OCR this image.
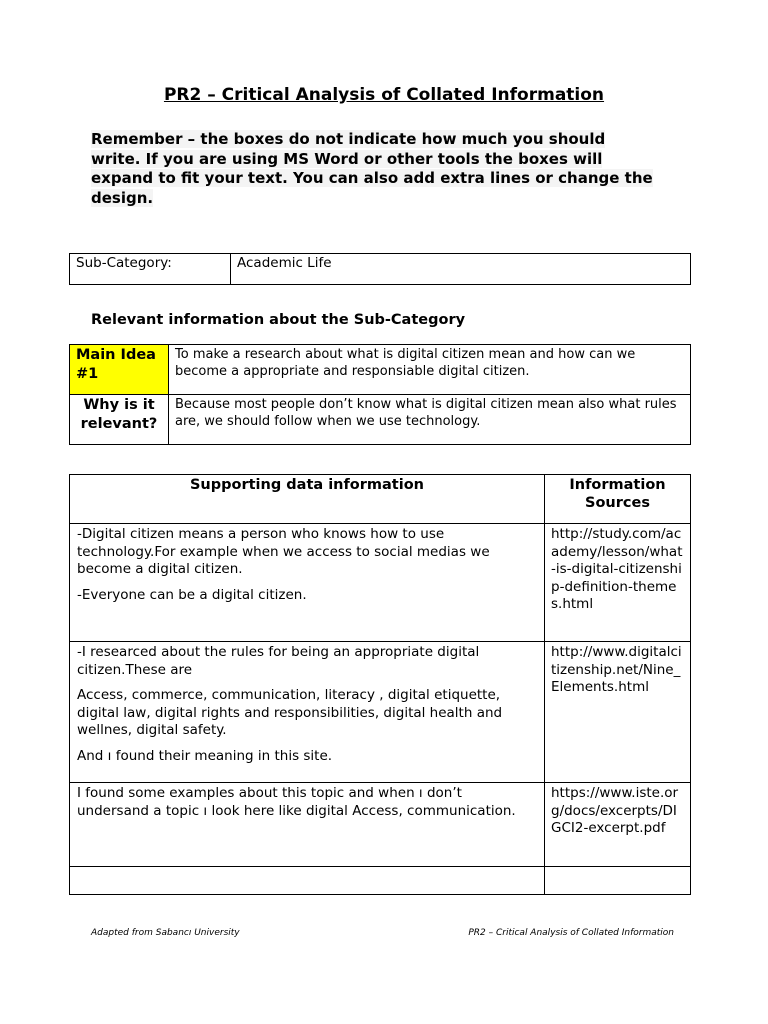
PR2 – Critical Analysis of Collated Information
Remember – the boxes do not indicate how much you should
write. If you are using MS Word or other tools the boxes will
expand to fit your text. You can also add extra lines or change the
design.
Sub-Category:	Academic Life
Relevant information about the Sub-Category
Main Idea #1	To make a research about what is digital citizen mean and how can we become a appropriate and responsiable digital citizen.
Why is it relevant?	Because most people don’t know what is digital citizen mean also what rules are, we should follow when we use technology.
Supporting data information	Information Sources

-Digital citizen means a person who knows how to use technology.For example when we access to social medias we become a digital citizen.

-Everyone can be a digital citizen.	http://study.com/academy/lesson/what-is-digital-citizenship-definition-themes.html

-I researced about the rules for being an appropriate digital citizen.These are

Access, commerce, communication, literacy , digital etiquette, digital law, digital rights and responsibilities, digital health and wellnes, digital safety.

And ı found their meaning in this site.	http://www.digitalcitizenship.net/Nine_Elements.html

I found some examples about this topic and when ı don’t undersand a topic ı look here like digital Access, communication.	https://www.iste.org/docs/excerpts/DIGCI2-excerpt.pdf

Adapted from Sabancı University	PR2 – Critical Analysis of Collated Information
